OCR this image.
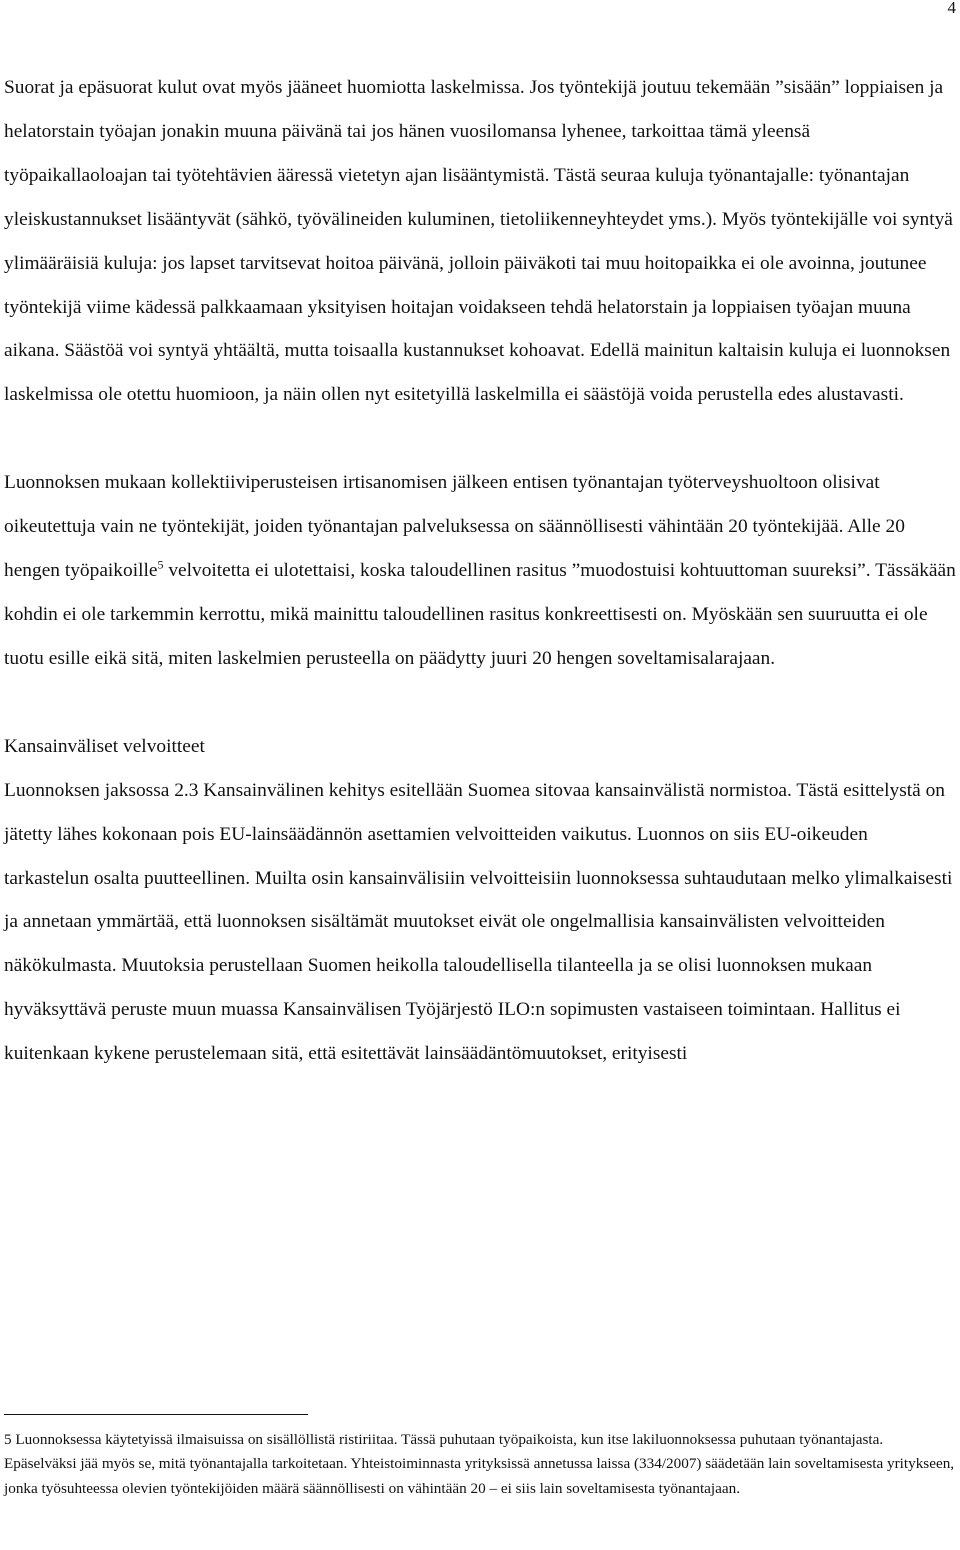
4

Suorat ja epäsuorat kulut ovat myös jääneet huomiotta laskelmissa. Jos työntekijä joutuu tekemään ”sisään” loppiaisen ja helatorstain työajan jonakin muuna päivänä tai jos hänen vuosilomansa lyhenee, tarkoittaa tämä yleensä työpaikallaoloajan tai työtehtävien ääressä vietetyn ajan lisääntymistä. Tästä seuraa kuluja työnantajalle: työnantajan yleiskustannukset lisääntyvät (sähkö, työvälineiden kuluminen, tietoliikenneyhteydet yms.). Myös työntekijälle voi syntyä ylimääräisiä kuluja: jos lapset tarvitsevat hoitoa päivänä, jolloin päiväkoti tai muu hoitopaikka ei ole avoinna, joutunee työntekijä viime kädessä palkkaamaan yksityisen hoitajan voidakseen tehdä helatorstain ja loppiaisen työajan muuna aikana. Säästöä voi syntyä yhtäältä, mutta toisaalla kustannukset kohoavat. Edellä mainitun kaltaisin kuluja ei luonnoksen laskelmissa ole otettu huomioon, ja näin ollen nyt esitetyillä laskelmilla ei säästöjä voida perustella edes alustavasti.

Luonnoksen mukaan kollektiiviperusteisen irtisanomisen jälkeen entisen työnantajan työterveyshuoltoon olisivat oikeutettuja vain ne työntekijät, joiden työnantajan palveluksessa on säännöllisesti vähintään 20 työntekijää. Alle 20 hengen työpaikoille$^5$ velvoitetta ei ulotettaisi, koska taloudellinen rasitus ”muodostuisi kohtuuttoman suureksi”. Tässäkään kohdin ei ole tarkemmin kerrottu, mikä mainittu taloudellinen rasitus konkreettisesti on. Myöskään sen suuruutta ei ole tuotu esille eikä sitä, miten laskelmien perusteella on päädytty juuri 20 hengen soveltamisalarajaan.

Kansainväliset velvoitteet

Luonnoksen jaksossa 2.3 Kansainvälinen kehitys esitellään Suomea sitovaa kansainvälistä normistoa. Tästä esittelystä on jätetty lähes kokonaan pois EU-lainsäädännön asettamien velvoitteiden vaikutus. Luonnos on siis EU-oikeuden tarkastelun osalta puutteellinen. Muilta osin kansainvälisiin velvoitteisiin luonnoksessa suhtaudutaan melko ylimalkaisesti ja annetaan ymmärtää, että luonnoksen sisältämät muutokset eivät ole ongelmallisia kansainvälisten velvoitteiden näkökulmasta. Muutoksia perustellaan Suomen heikolla taloudellisella tilanteella ja se olisi luonnoksen mukaan hyväksyttävä peruste muun muassa Kansainvälisen Työjärjestö ILO:n sopimusten vastaiseen toimintaan. Hallitus ei kuitenkaan kykene perustelemaan sitä, että esitettävät lainsäädäntömuutokset, erityisesti

5 Luonnoksessa käytetyissä ilmaisuissa on sisällöllistä ristiriitaa. Tässä puhutaan työpaikoista, kun itse lakiluonnoksessa puhutaan työnantajasta. Epäselväksi jää myös se, mitä työnantajalla tarkoitetaan. Yhteistoiminnasta yrityksissä annetussa laissa (334/2007) säädetään lain soveltamisesta yritykseen, jonka työsuhteessa olevien työntekijöiden määrä säännöllisesti on vähintään 20 – ei siis lain soveltamisesta työnantajaan.
